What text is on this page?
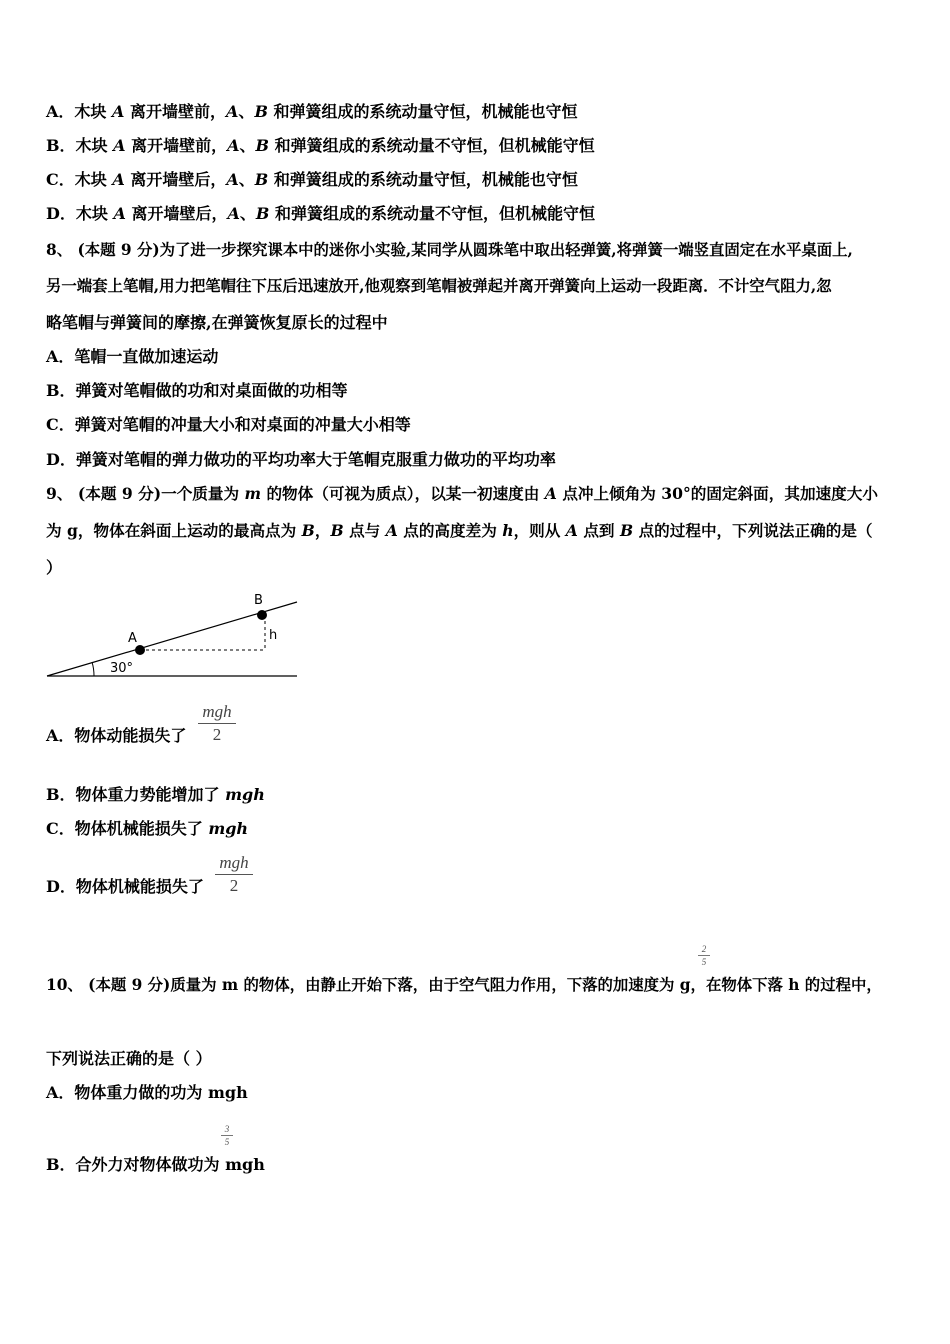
A．木块 A 离开墙壁前，A、B 和弹簧组成的系统动量守恒，机械能也守恒
B．木块 A 离开墙壁前，A、B 和弹簧组成的系统动量不守恒，但机械能守恒
C．木块 A 离开墙壁后，A、B 和弹簧组成的系统动量守恒，机械能也守恒
D．木块 A 离开墙壁后，A、B 和弹簧组成的系统动量不守恒，但机械能守恒
8、 (本题 9 分)为了进一步探究课本中的迷你小实验,某同学从圆珠笔中取出轻弹簧,将弹簧一端竖直固定在水平桌面上,
另一端套上笔帽,用力把笔帽往下压后迅速放开,他观察到笔帽被弹起并离开弹簧向上运动一段距离．不计空气阻力,忽
略笔帽与弹簧间的摩擦,在弹簧恢复原长的过程中
A．笔帽一直做加速运动
B．弹簧对笔帽做的功和对桌面做的功相等
C．弹簧对笔帽的冲量大小和对桌面的冲量大小相等
D．弹簧对笔帽的弹力做功的平均功率大于笔帽克服重力做功的平均功率
9、 (本题 9 分)一个质量为 m 的物体（可视为质点），以某一初速度由 A 点冲上倾角为 30°的固定斜面，其加速度大小
为 g，物体在斜面上运动的最高点为 B，B 点与 A 点的高度差为 h，则从 A 点到 B 点的过程中，下列说法正确的是（
）
A
B
h
30°
A．物体动能损失了
mgh
2
B．物体重力势能增加了 mgh
C．物体机械能损失了 mgh
D．物体机械能损失了
mgh
2
2
5
10、 (本题 9 分)质量为 m 的物体，由静止开始下落，由于空气阻力作用，下落的加速度为 g，在物体下落 h 的过程中，
下列说法正确的是（ ）
A．物体重力做的功为 mgh
3
5
B．合外力对物体做功为 mgh
